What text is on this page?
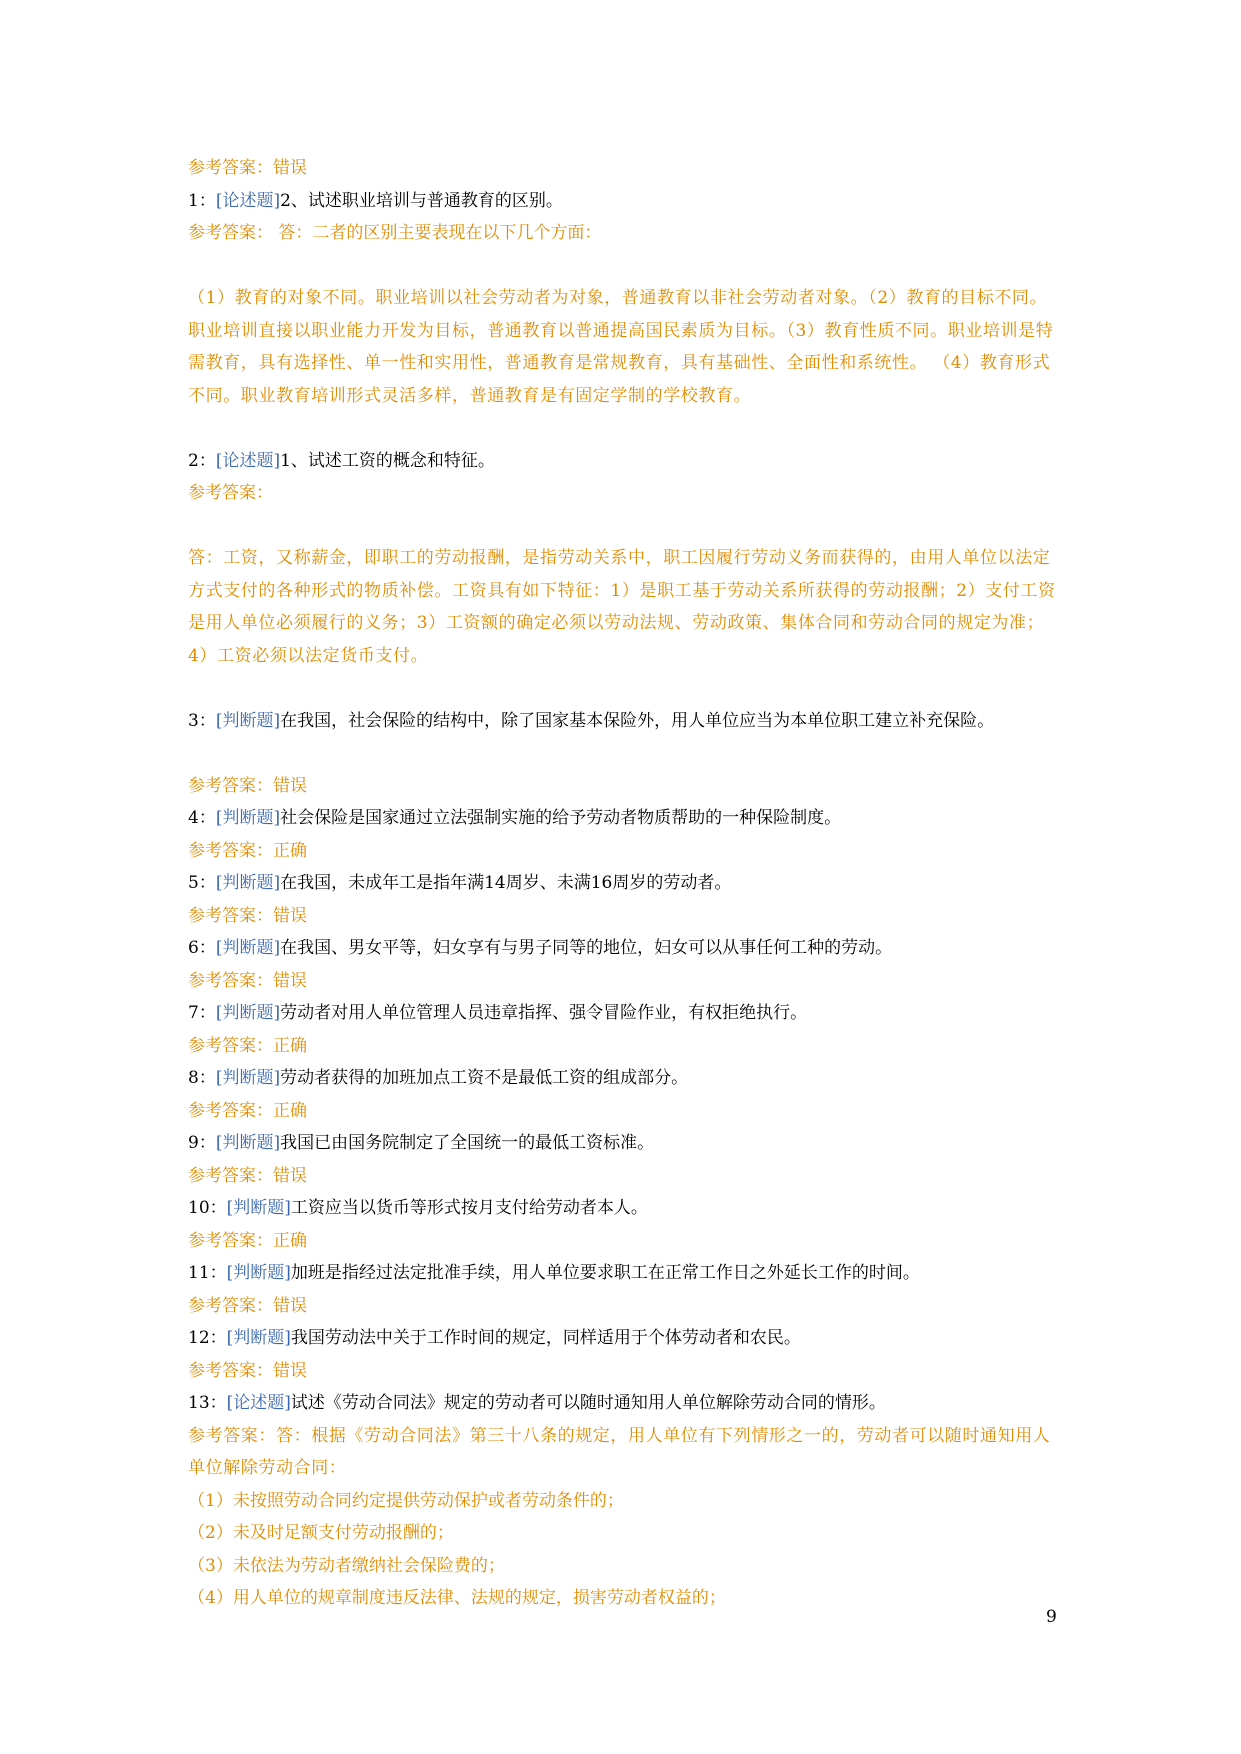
参考答案：错误
1：[论述题]2、试述职业培训与普通教育的区别。
参考答案： 答：二者的区别主要表现在以下几个方面：
（1）教育的对象不同。职业培训以社会劳动者为对象，普通教育以非社会劳动者对象。（2）教育的目标不同。职业培训直接以职业能力开发为目标，普通教育以普通提高国民素质为目标。（3）教育性质不同。职业培训是特需教育，具有选择性、单一性和实用性，普通教育是常规教育，具有基础性、全面性和系统性。 （4）教育形式不同。职业教育培训形式灵活多样，普通教育是有固定学制的学校教育。
2：[论述题]1、试述工资的概念和特征。
参考答案：
答：工资，又称薪金，即职工的劳动报酬，是指劳动关系中，职工因履行劳动义务而获得的，由用人单位以法定方式支付的各种形式的物质补偿。工资具有如下特征：1）是职工基于劳动关系所获得的劳动报酬；2）支付工资是用人单位必须履行的义务；3）工资额的确定必须以劳动法规、劳动政策、集体合同和劳动合同的规定为准；4）工资必须以法定货币支付。
3：[判断题]在我国，社会保险的结构中，除了国家基本保险外，用人单位应当为本单位职工建立补充保险。
参考答案：错误
4：[判断题]社会保险是国家通过立法强制实施的给予劳动者物质帮助的一种保险制度。
参考答案：正确
5：[判断题]在我国，未成年工是指年满14周岁、未满16周岁的劳动者。
参考答案：错误
6：[判断题]在我国、男女平等，妇女享有与男子同等的地位，妇女可以从事任何工种的劳动。
参考答案：错误
7：[判断题]劳动者对用人单位管理人员违章指挥、强令冒险作业，有权拒绝执行。
参考答案：正确
8：[判断题]劳动者获得的加班加点工资不是最低工资的组成部分。
参考答案：正确
9：[判断题]我国已由国务院制定了全国统一的最低工资标准。
参考答案：错误
10：[判断题]工资应当以货币等形式按月支付给劳动者本人。
参考答案：正确
11：[判断题]加班是指经过法定批准手续，用人单位要求职工在正常工作日之外延长工作的时间。
参考答案：错误
12：[判断题]我国劳动法中关于工作时间的规定，同样适用于个体劳动者和农民。
参考答案：错误
13：[论述题]试述《劳动合同法》规定的劳动者可以随时通知用人单位解除劳动合同的情形。
参考答案：答：根据《劳动合同法》第三十八条的规定，用人单位有下列情形之一的，劳动者可以随时通知用人单位解除劳动合同：
（1）未按照劳动合同约定提供劳动保护或者劳动条件的；
（2）未及时足额支付劳动报酬的；
（3）未依法为劳动者缴纳社会保险费的；
（4）用人单位的规章制度违反法律、法规的规定，损害劳动者权益的；
9
